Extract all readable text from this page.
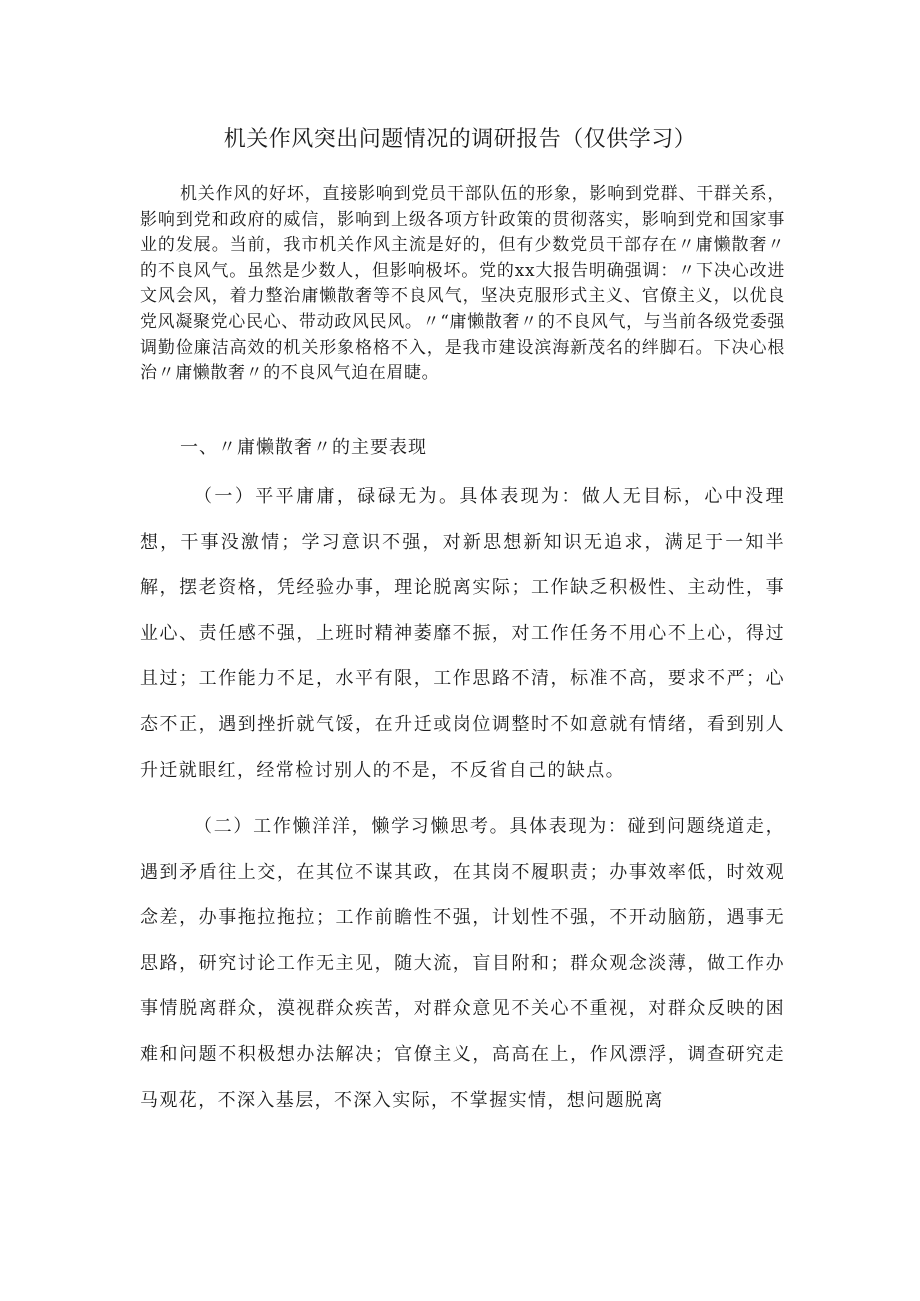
机关作风突出问题情况的调研报告（仅供学习）

机关作风的好坏，直接影响到党员干部队伍的形象，影响到党群、干群关系，影响到党和政府的威信，影响到上级各项方针政策的贯彻落实，影响到党和国家事业的发展。当前，我市机关作风主流是好的，但有少数党员干部存在〃庸懒散奢〃的不良风气。虽然是少数人，但影响极坏。党的xx大报告明确强调：〃下决心改进文风会风，着力整治庸懒散奢等不良风气，坚决克服形式主义、官僚主义，以优良党风凝聚党心民心、带动政风民风。〃“庸懒散奢〃的不良风气，与当前各级党委强调勤俭廉洁高效的机关形象格格不入，是我市建设滨海新茂名的绊脚石。下决心根治〃庸懒散奢〃的不良风气迫在眉睫。

一、〃庸懒散奢〃的主要表现

（一）平平庸庸，碌碌无为。具体表现为：做人无目标，心中没理想，干事没激情；学习意识不强，对新思想新知识无追求，满足于一知半解，摆老资格，凭经验办事，理论脱离实际；工作缺乏积极性、主动性，事业心、责任感不强，上班时精神萎靡不振，对工作任务不用心不上心，得过且过；工作能力不足，水平有限，工作思路不清，标准不高，要求不严；心态不正，遇到挫折就气馁，在升迁或岗位调整时不如意就有情绪，看到别人升迁就眼红，经常检讨别人的不是，不反省自己的缺点。

（二）工作懒洋洋，懒学习懒思考。具体表现为：碰到问题绕道走，遇到矛盾往上交，在其位不谋其政，在其岗不履职责；办事效率低，时效观念差，办事拖拉拖拉；工作前瞻性不强，计划性不强，不开动脑筋，遇事无思路，研究讨论工作无主见，随大流，盲目附和；群众观念淡薄，做工作办事情脱离群众，漠视群众疾苦，对群众意见不关心不重视，对群众反映的困难和问题不积极想办法解决；官僚主义，高高在上，作风漂浮，调查研究走马观花，不深入基层，不深入实际，不掌握实情，想问题脱离
